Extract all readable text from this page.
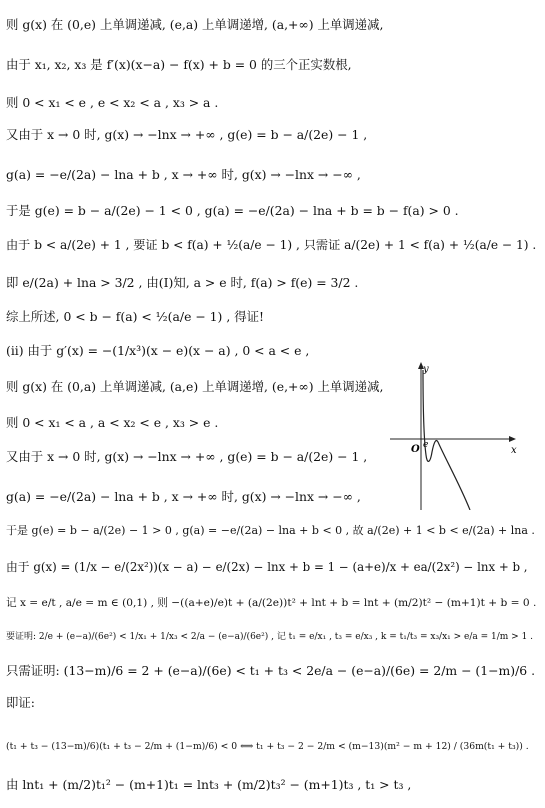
则 g(x) 在 (0,e) 上单调递减, (e,a) 上单调递增, (a,+∞) 上单调递减,
由于 x₁, x₂, x₃ 是 f′(x)(x−a) − f(x) + b = 0 的三个正实数根,
则 0 < x₁ < e , e < x₂ < a , x₃ > a .
又由于 x → 0 时, g(x) → −lnx → +∞ , g(e) = b − a/(2e) − 1 ,
g(a) = −e/(2a) − lna + b , x → +∞ 时, g(x) → −lnx → −∞ ,
于是 g(e) = b − a/(2e) − 1 < 0 , g(a) = −e/(2a) − lna + b = b − f(a) > 0 .
由于 b < a/(2e) + 1 , 要证 b < f(a) + ½(a/e − 1) , 只需证 a/(2e) + 1 < f(a) + ½(a/e − 1) .
即 e/(2a) + lna > 3/2 , 由(Ⅰ)知, a > e 时, f(a) > f(e) = 3/2 .
综上所述, 0 < b − f(a) < ½(a/e − 1) , 得证!
(ii) 由于 g′(x) = −(1/x³)(x − e)(x − a) , 0 < a < e ,
则 g(x) 在 (0,a) 上单调递减, (a,e) 上单调递增, (e,+∞) 上单调递减,
则 0 < x₁ < a , a < x₂ < e , x₃ > e .
又由于 x → 0 时, g(x) → −lnx → +∞ , g(e) = b − a/(2e) − 1 ,
g(a) = −e/(2a) − lna + b , x → +∞ 时, g(x) → −lnx → −∞ ,
于是 g(e) = b − a/(2e) − 1 > 0 , g(a) = −e/(2a) − lna + b < 0 , 故 a/(2e) + 1 < b < e/(2a) + lna .
由于 g(x) = (1/x − e/(2x²))(x − a) − e/(2x) − lnx + b = 1 − (a+e)/x + ea/(2x²) − lnx + b ,
记 x = e/t , a/e = m ∈ (0,1) , 则 −((a+e)/e)t + (a/(2e))t² + lnt + b = lnt + (m/2)t² − (m+1)t + b = 0 .
要证明: 2/e + (e−a)/(6e²) < 1/x₁ + 1/x₃ < 2/a − (e−a)/(6e²) , 记 t₁ = e/x₁ , t₃ = e/x₃ , k = t₁/t₃ = x₃/x₁ > e/a = 1/m > 1 .
只需证明: (13−m)/6 = 2 + (e−a)/(6e) < t₁ + t₃ < 2e/a − (e−a)/(6e) = 2/m − (1−m)/6 .
即证:
(t₁ + t₃ − (13−m)/6)(t₁ + t₃ − 2/m + (1−m)/6) < 0 ⟺ t₁ + t₃ − 2 − 2/m < (m−13)(m² − m + 12) / (36m(t₁ + t₃)) .
由 lnt₁ + (m/2)t₁² − (m+1)t₁ = lnt₃ + (m/2)t₃² − (m+1)t₃ , t₁ > t₃ ,
y
x
O e
